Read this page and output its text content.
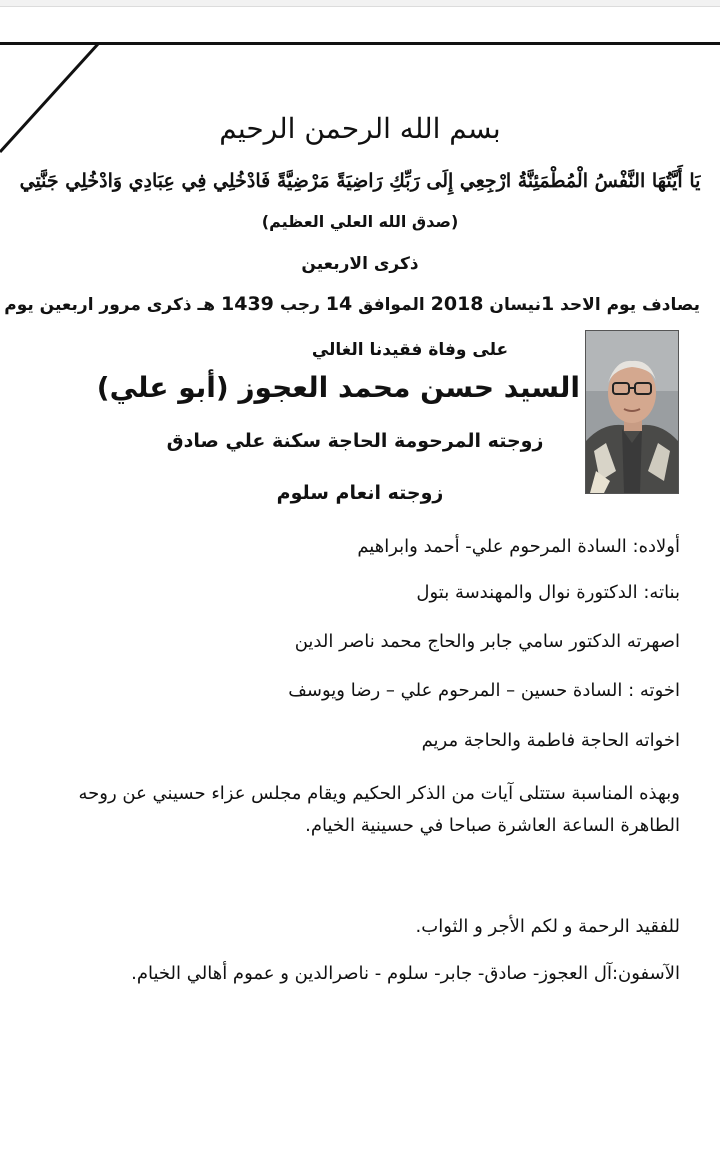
بسم الله الرحمن الرحيم
يَا أَيَّتُهَا النَّفْسُ الْمُطْمَئِنَّةُ ارْجِعِي إِلَى رَبِّكِ رَاضِيَةً مَرْضِيَّةً فَادْخُلِي فِي عِبَادِي وَادْخُلِي جَنَّتِي
(صدق الله العلي العظيم)
ذكرى الاربعين
يصادف يوم الاحد 1نيسان 2018 الموافق 14 رجب 1439 هـ ذكرى مرور اربعين يوم
على وفاة فقيدنا الغالي
السيد حسن محمد العجوز (أبو علي)
زوجته المرحومة الحاجة سكنة علي صادق
زوجته انعام سلوم
أولاده: السادة المرحوم علي- أحمد وابراهيم
بناته: الدكتورة نوال والمهندسة بتول
اصهرته الدكتور سامي جابر والحاج محمد ناصر الدين
اخوته : السادة حسين – المرحوم علي – رضا ويوسف
اخواته الحاجة فاطمة والحاجة مريم
وبهذه المناسبة ستتلى آيات من الذكر الحكيم ويقام مجلس عزاء حسيني عن روحه الطاهرة الساعة العاشرة صباحا في حسينية الخيام.
للفقيد الرحمة و لكم الأجر و الثواب.
الآسفون:آل العجوز- صادق- جابر- سلوم - ناصرالدين و عموم أهالي الخيام.
